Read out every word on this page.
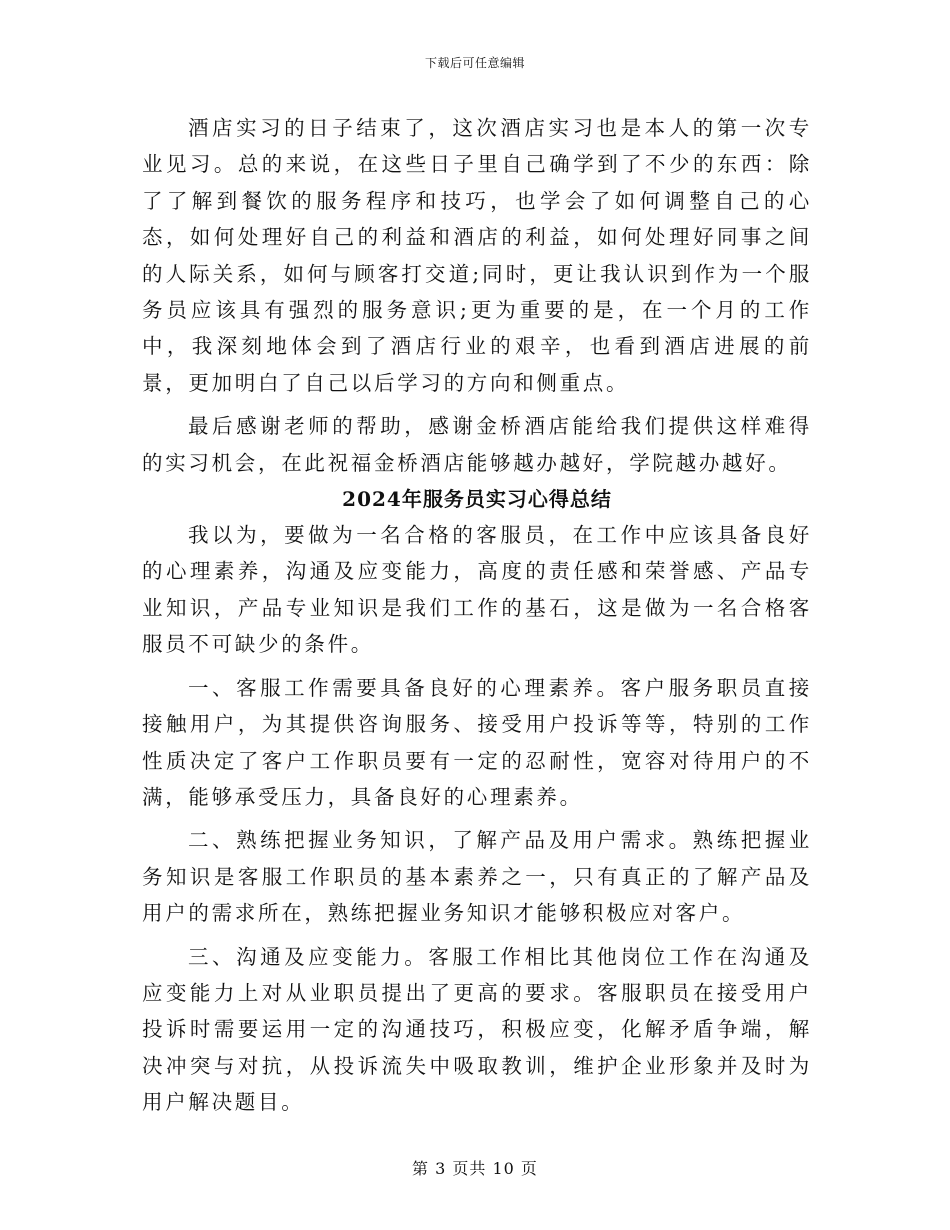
下载后可任意编辑

酒店实习的日子结束了，这次酒店实习也是本人的第一次专业见习。总的来说，在这些日子里自己确学到了不少的东西：除了了解到餐饮的服务程序和技巧，也学会了如何调整自己的心态，如何处理好自己的利益和酒店的利益，如何处理好同事之间的人际关系，如何与顾客打交道;同时，更让我认识到作为一个服务员应该具有强烈的服务意识;更为重要的是，在一个月的工作中，我深刻地体会到了酒店行业的艰辛，也看到酒店进展的前景，更加明白了自己以后学习的方向和侧重点。

最后感谢老师的帮助，感谢金桥酒店能给我们提供这样难得的实习机会，在此祝福金桥酒店能够越办越好，学院越办越好。

2024年服务员实习心得总结

我以为，要做为一名合格的客服员，在工作中应该具备良好的心理素养，沟通及应变能力，高度的责任感和荣誉感、产品专业知识，产品专业知识是我们工作的基石，这是做为一名合格客服员不可缺少的条件。

一、客服工作需要具备良好的心理素养。客户服务职员直接接触用户，为其提供咨询服务、接受用户投诉等等，特别的工作性质决定了客户工作职员要有一定的忍耐性，宽容对待用户的不满，能够承受压力，具备良好的心理素养。

二、熟练把握业务知识，了解产品及用户需求。熟练把握业务知识是客服工作职员的基本素养之一，只有真正的了解产品及用户的需求所在，熟练把握业务知识才能够积极应对客户。

三、沟通及应变能力。客服工作相比其他岗位工作在沟通及应变能力上对从业职员提出了更高的要求。客服职员在接受用户投诉时需要运用一定的沟通技巧，积极应变，化解矛盾争端，解决冲突与对抗，从投诉流失中吸取教训，维护企业形象并及时为用户解决题目。

第 3 页共 10 页
